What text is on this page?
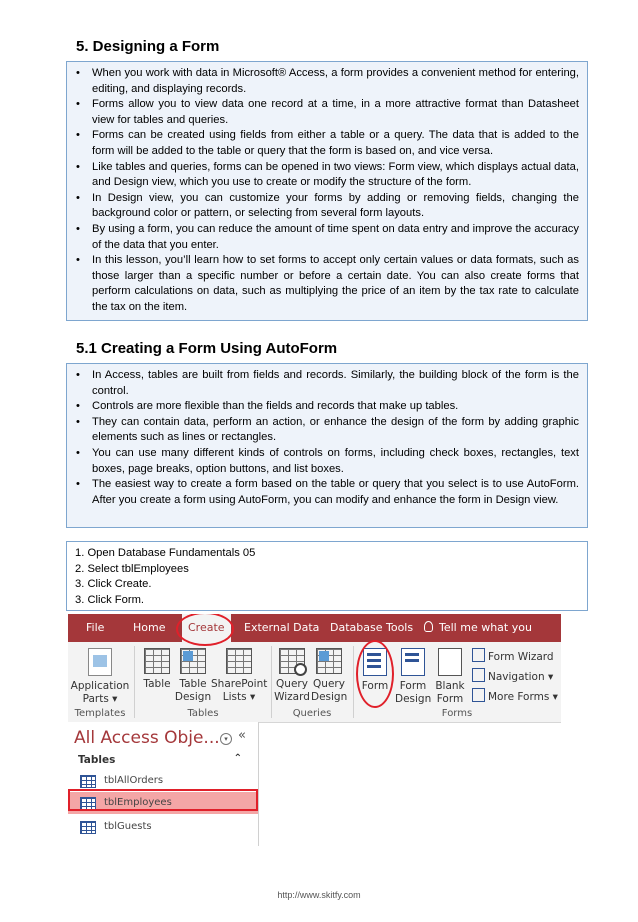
5. Designing a Form
• When you work with data in Microsoft® Access, a form provides a convenient method for entering, editing, and displaying records.
• Forms allow you to view data one record at a time, in a more attractive format than Datasheet view for tables and queries.
• Forms can be created using fields from either a table or a query. The data that is added to the form will be added to the table or query that the form is based on, and vice versa.
• Like tables and queries, forms can be opened in two views: Form view, which displays actual data, and Design view, which you use to create or modify the structure of the form.
• In Design view, you can customize your forms by adding or removing fields, changing the background color or pattern, or selecting from several form layouts.
• By using a form, you can reduce the amount of time spent on data entry and improve the accuracy of the data that you enter.
• In this lesson, you’ll learn how to set forms to accept only certain values or data formats, such as those larger than a specific number or before a certain date. You can also create forms that perform calculations on data, such as multiplying the price of an item by the tax rate to calculate the tax on the item.
5.1 Creating a Form Using AutoForm
• In Access, tables are built from fields and records. Similarly, the building block of the form is the control.
• Controls are more flexible than the fields and records that make up tables.
• They can contain data, perform an action, or enhance the design of the form by adding graphic elements such as lines or rectangles.
• You can use many different kinds of controls on forms, including check boxes, rectangles, text boxes, page breaks, option buttons, and list boxes.
• The easiest way to create a form based on the table or query that you select is to use AutoForm. After you create a form using AutoForm, you can modify and enhance the form in Design view.
1. Open Database Fundamentals 05
2. Select tblEmployees
3. Click Create.
3. Click Form.
File	Home	Create	External Data Database Tools	Tell me what you
Application
Parts ▾
Table Table
Design
SharePoint
Lists ▾
Query
Wizard
Query
Design
Form	Form
Design
Blank
Form
Form Wizard
Navigation ▾
More Forms ▾
Templates	Tables	Queries	Forms
All Access Obje... ▾ «
Tables	⌃
tblAllOrders
tblEmployees
tblGuests
http://www.skitfy.com
